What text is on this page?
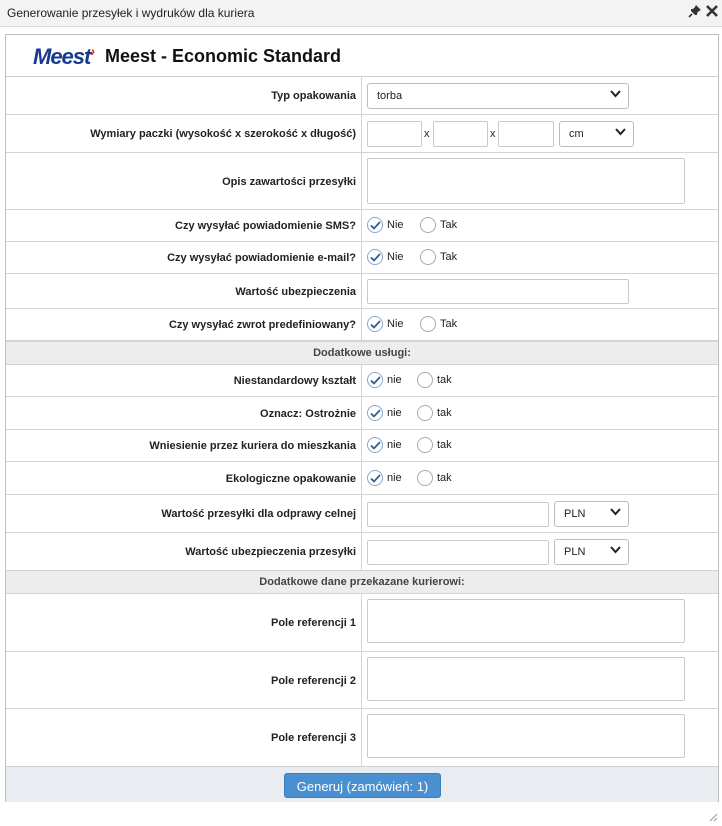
Generowanie przesyłek i wydruków dla kuriera
Meest› Meest - Economic Standard
Typ opakowania	torba
Wymiary paczki (wysokość x szerokość x długość)	x	x	cm
Opis zawartości przesyłki
Czy wysyłać powiadomienie SMS?	Nie	Tak
Czy wysyłać powiadomienie e-mail?	Nie	Tak
Wartość ubezpieczenia
Czy wysyłać zwrot predefiniowany?	Nie	Tak
Dodatkowe usługi:
Niestandardowy kształt	nie	tak
Oznacz: Ostrożnie	nie	tak
Wniesienie przez kuriera do mieszkania	nie	tak
Ekologiczne opakowanie	nie	tak
Wartość przesyłki dla odprawy celnej	PLN
Wartość ubezpieczenia przesyłki	PLN
Dodatkowe dane przekazane kurierowi:
Pole referencji 1
Pole referencji 2
Pole referencji 3
Generuj (zamówień: 1)
